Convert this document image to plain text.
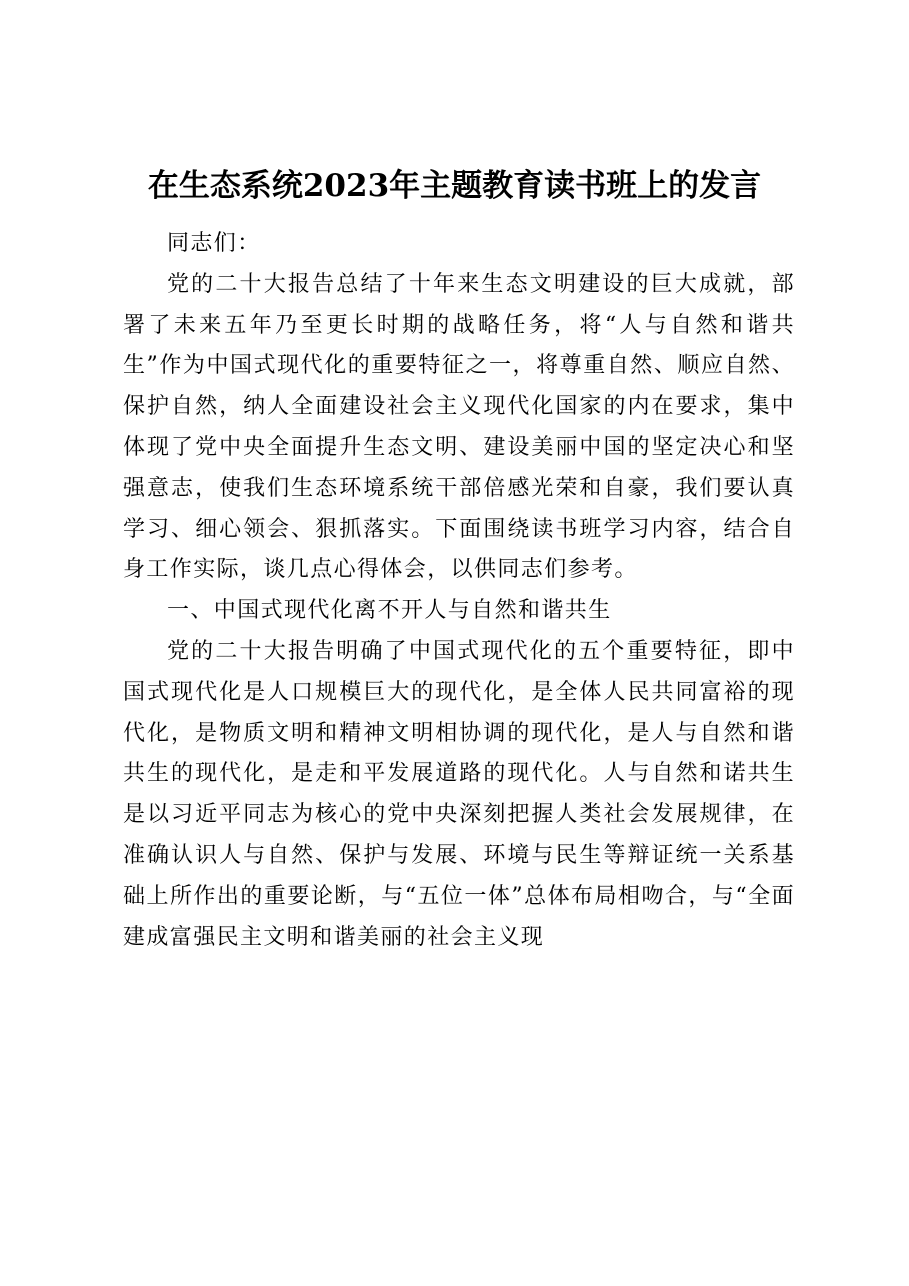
在生态系统2023年主题教育读书班上的发言

同志们：

党的二十大报告总结了十年来生态文明建设的巨大成就，部署了未来五年乃至更长时期的战略任务，将“人与自然和谐共生”作为中国式现代化的重要特征之一，将尊重自然、顺应自然、保护自然，纳人全面建设社会主义现代化国家的内在要求，集中体现了党中央全面提升生态文明、建设美丽中国的坚定决心和坚强意志，使我们生态环境系统干部倍感光荣和自豪，我们要认真学习、细心领会、狠抓落实。下面围绕读书班学习内容，结合自身工作实际，谈几点心得体会，以供同志们参考。

一、中国式现代化离不开人与自然和谐共生

党的二十大报告明确了中国式现代化的五个重要特征，即中国式现代化是人口规模巨大的现代化，是全体人民共同富裕的现代化，是物质文明和精神文明相协调的现代化，是人与自然和谐共生的现代化，是走和平发展道路的现代化。人与自然和诺共生是以习近平同志为核心的党中央深刻把握人类社会发展规律，在准确认识人与自然、保护与发展、环境与民生等辩证统一关系基础上所作出的重要论断，与“五位一体”总体布局相吻合，与“全面建成富强民主文明和谐美丽的社会主义现
